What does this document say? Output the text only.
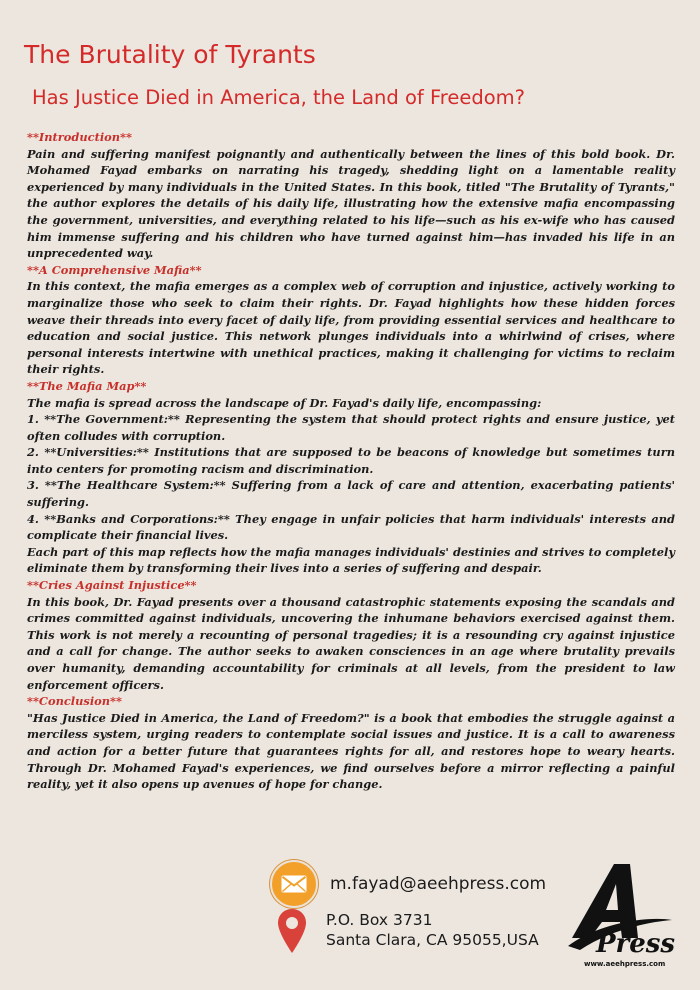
The Brutality of Tyrants
Has Justice Died in America, the Land of Freedom?

**Introduction**

Pain and suffering manifest poignantly and authentically between the lines of this bold book. Dr. Mohamed Fayad embarks on narrating his tragedy, shedding light on a lamentable reality experienced by many individuals in the United States. In this book, titled "The Brutality of Tyrants," the author explores the details of his daily life, illustrating how the extensive mafia encompassing the government, universities, and everything related to his life—such as his ex-wife who has caused him immense suffering and his children who have turned against him—has invaded his life in an unprecedented way.

**A Comprehensive Mafia**

In this context, the mafia emerges as a complex web of corruption and injustice, actively working to marginalize those who seek to claim their rights. Dr. Fayad highlights how these hidden forces weave their threads into every facet of daily life, from providing essential services and healthcare to education and social justice. This network plunges individuals into a whirlwind of crises, where personal interests intertwine with unethical practices, making it challenging for victims to reclaim their rights.

**The Mafia Map**

The mafia is spread across the landscape of Dr. Fayad's daily life, encompassing:

1. **The Government:** Representing the system that should protect rights and ensure justice, yet often colludes with corruption.

2. **Universities:** Institutions that are supposed to be beacons of knowledge but sometimes turn into centers for promoting racism and discrimination.

3. **The Healthcare System:** Suffering from a lack of care and attention, exacerbating patients' suffering.

4. **Banks and Corporations:** They engage in unfair policies that harm individuals' interests and complicate their financial lives.

Each part of this map reflects how the mafia manages individuals' destinies and strives to completely eliminate them by transforming their lives into a series of suffering and despair.

**Cries Against Injustice**

In this book, Dr. Fayad presents over a thousand catastrophic statements exposing the scandals and crimes committed against individuals, uncovering the inhumane behaviors exercised against them. This work is not merely a recounting of personal tragedies; it is a resounding cry against injustice and a call for change. The author seeks to awaken consciences in an age where brutality prevails over humanity, demanding accountability for criminals at all levels, from the president to law enforcement officers.

**Conclusion**

"Has Justice Died in America, the Land of Freedom?" is a book that embodies the struggle against a merciless system, urging readers to contemplate social issues and justice. It is a call to awareness and action for a better future that guarantees rights for all, and restores hope to weary hearts. Through Dr. Mohamed Fayad's experiences, we find ourselves before a mirror reflecting a painful reality, yet it also opens up avenues of hope for change.

m.fayad@aeehpress.com
P.O. Box 3731
Santa Clara, CA 95055,USA Press
www.aeehpress.com
